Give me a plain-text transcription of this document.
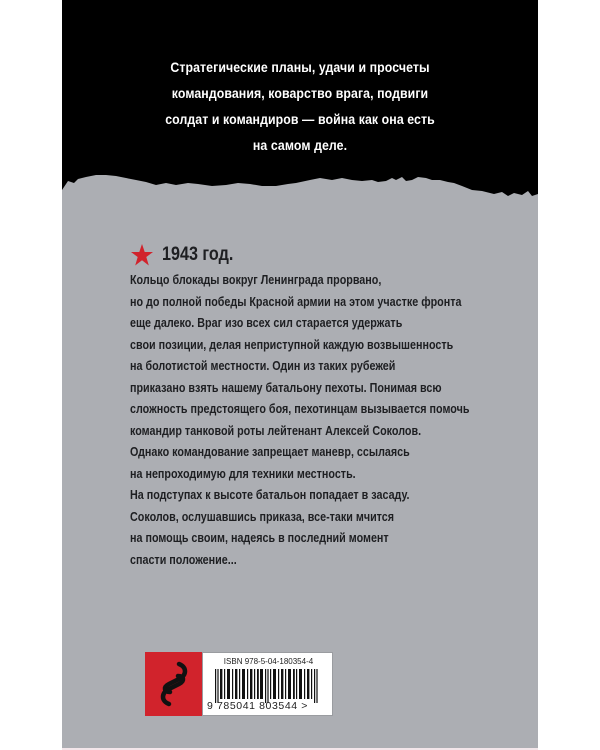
Стратегические планы, удачи и просчеты
командования, коварство врага, подвиги
солдат и командиров — война как она есть
на самом деле.
1943 год.
Кольцо блокады вокруг Ленинграда прорвано,
но до полной победы Красной армии на этом участке фронта
еще далеко. Враг изо всех сил старается удержать
свои позиции, делая неприступной каждую возвышенность
на болотистой местности. Один из таких рубежей
приказано взять нашему батальону пехоты. Понимая всю
сложность предстоящего боя, пехотинцам вызывается помочь
командир танковой роты лейтенант Алексей Соколов.
Однако командование запрещает маневр, ссылаясь
на непроходимую для техники местность.
На подступах к высоте батальон попадает в засаду.
Соколов, ослушавшись приказа, все-таки мчится
на помощь своим, надеясь в последний момент
спасти положение...
ISBN 978-5-04-180354-4
9 785041 803544 >
